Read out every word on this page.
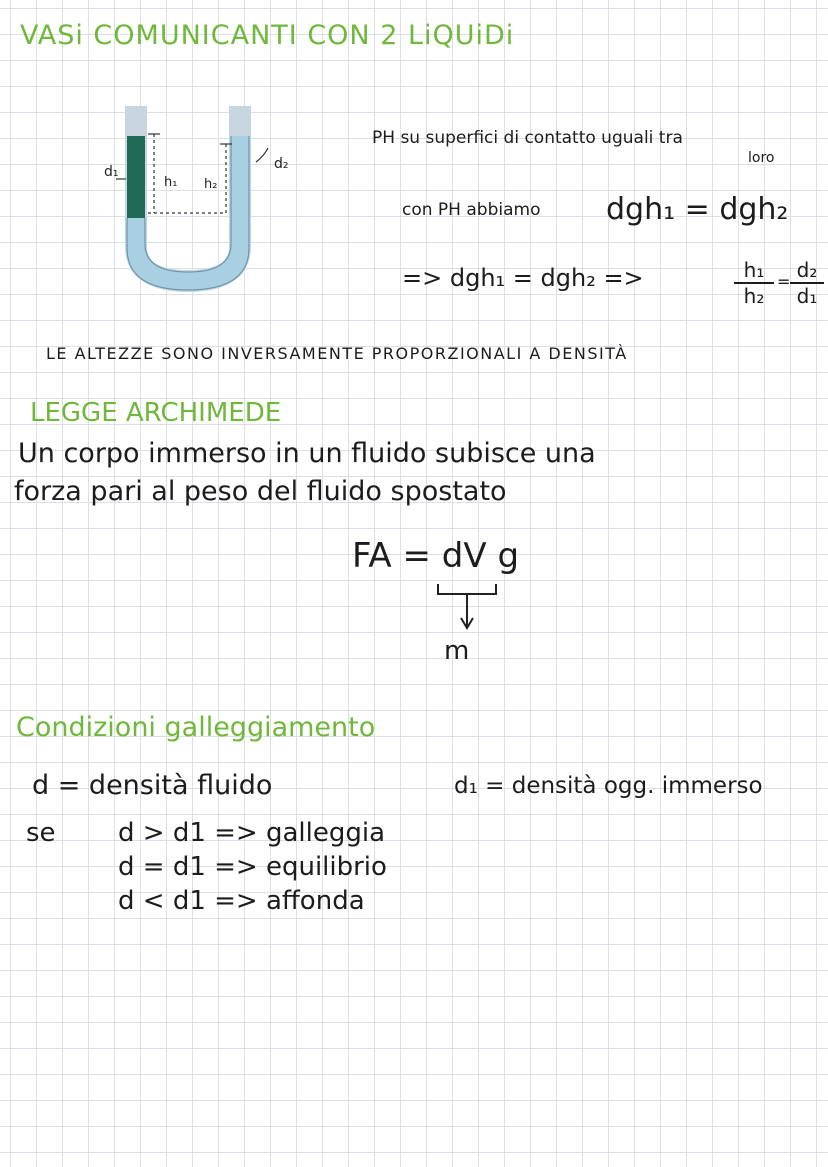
VASi COMUNICANTI CON 2 LiQUiDi
d₁
h₁ h₂
d₂
PH su superfici di contatto uguali tra
loro
con PH abbiamo dgh₁ = dgh₂
=> dgh₁ = dgh₂ =>	$\frac{\text{h₁}}{\text{h₂}} = \frac{\text{d₂}}{\text{d₁}}$
LE ALTEZZE SONO INVERSAMENTE PROPORZIONALI A DENSITÀ
LEGGE ARCHIMEDE
Un corpo immerso in un fluido subisce una
forza pari al peso del fluido spostato
FA = dV g
m
Condizioni galleggiamento
d = densità fluido	d₁ = densità ogg. immerso
se d > d1 => galleggia
d = d1 => equilibrio
d < d1 => affonda
